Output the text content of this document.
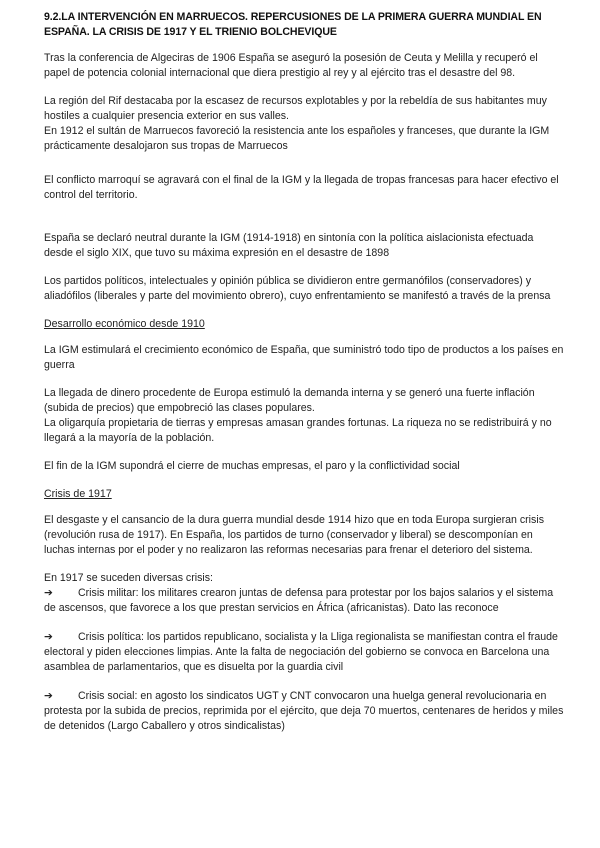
9.2.LA INTERVENCIÓN EN MARRUECOS. REPERCUSIONES DE LA PRIMERA GUERRA MUNDIAL EN ESPAÑA. LA CRISIS DE 1917 Y EL TRIENIO BOLCHEVIQUE

Tras la conferencia de Algeciras de 1906 España se aseguró la posesión de Ceuta y Melilla y recuperó el papel de potencia colonial internacional que diera prestigio al rey y al ejército tras el desastre del 98.

La región del Rif destacaba por la escasez de recursos explotables y por la rebeldía de sus habitantes muy hostiles a cualquier presencia exterior en sus valles.

En 1912 el sultán de Marruecos favoreció la resistencia ante los españoles y franceses, que durante la IGM prácticamente desalojaron sus tropas de Marruecos

El conflicto marroquí se agravará con el final de la IGM y la llegada de tropas francesas para hacer efectivo el control del territorio.

España se declaró neutral durante la IGM (1914-1918) en sintonía con la política aislacionista efectuada desde el siglo XIX, que tuvo su máxima expresión en el desastre de 1898

Los partidos políticos, intelectuales y opinión pública se dividieron entre germanófilos (conservadores) y aliadófilos (liberales y parte del movimiento obrero), cuyo enfrentamiento se manifestó a través de la prensa

Desarrollo económico desde 1910

La IGM estimulará el crecimiento económico de España, que suministró todo tipo de productos a los países en guerra

La llegada de dinero procedente de Europa estimuló la demanda interna y se generó una fuerte inflación (subida de precios) que empobreció las clases populares.

La oligarquía propietaria de tierras y empresas amasan grandes fortunas. La riqueza no se redistribuirá y no llegará a la mayoría de la población.

El fin de la IGM supondrá el cierre de muchas empresas, el paro y la conflictividad social

Crisis de 1917

El desgaste y el cansancio de la dura guerra mundial desde 1914 hizo que en toda Europa surgieran crisis (revolución rusa de 1917). En España, los partidos de turno (conservador y liberal) se descomponían en luchas internas por el poder y no realizaron las reformas necesarias para frenar el deterioro del sistema.

En 1917 se suceden diversas crisis:

➔ Crisis militar: los militares crearon juntas de defensa para protestar por los bajos salarios y el sistema de ascensos, que favorece a los que prestan servicios en África (africanistas). Dato las reconoce

➔ Crisis política: los partidos republicano, socialista y la Lliga regionalista se manifiestan contra el fraude electoral y piden elecciones limpias. Ante la falta de negociación del gobierno se convoca en Barcelona una asamblea de parlamentarios, que es disuelta por la guardia civil

➔ Crisis social: en agosto los sindicatos UGT y CNT convocaron una huelga general revolucionaria en protesta por la subida de precios, reprimida por el ejército, que deja 70 muertos, centenares de heridos y miles de detenidos (Largo Caballero y otros sindicalistas)
